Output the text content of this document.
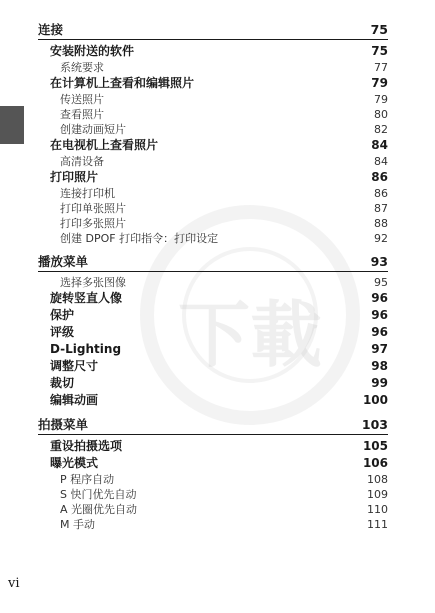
下載
连接	75
安装附送的软件	75
系统要求	77
在计算机上查看和编辑照片	79
传送照片	79
查看照片	80
创建动画短片	82
在电视机上查看照片	84
高清设备	84
打印照片	86
连接打印机	86
打印单张照片	87
打印多张照片	88
创建 DPOF 打印指令：打印设定	92
播放菜单	93
选择多张图像	95
旋转竖直人像	96
保护	96
评级	96
D-Lighting	97
调整尺寸	98
裁切	99
编辑动画	100
拍摄菜单	103
重设拍摄选项	105
曝光模式	106
P 程序自动	108
S 快门优先自动	109
A 光圈优先自动	110
M 手动	111
vi
